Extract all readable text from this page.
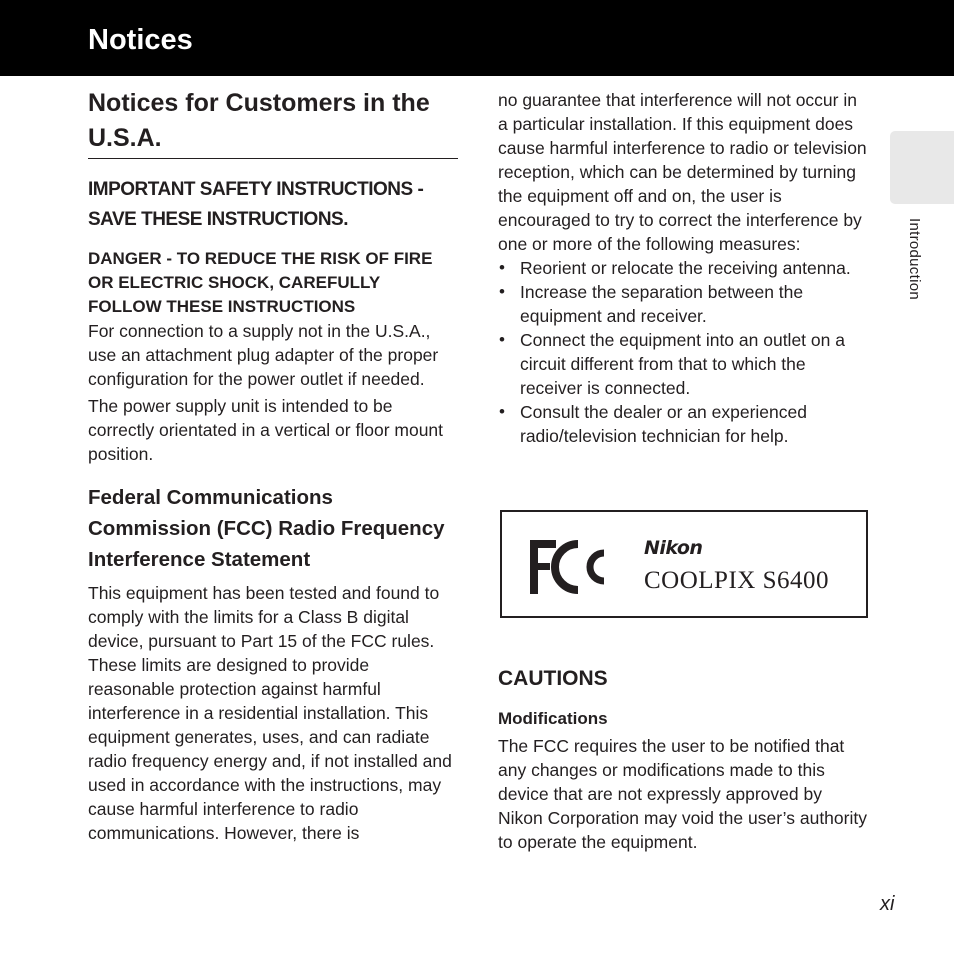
Notices
Introduction
Notices for Customers in the U.S.A.
IMPORTANT SAFETY INSTRUCTIONS - SAVE THESE INSTRUCTIONS.

DANGER - TO REDUCE THE RISK OF FIRE OR ELECTRIC SHOCK, CAREFULLY FOLLOW THESE INSTRUCTIONS

For connection to a supply not in the U.S.A., use an attachment plug adapter of the proper configuration for the power outlet if needed.

The power supply unit is intended to be correctly orientated in a vertical or floor mount position.

Federal Communications Commission (FCC) Radio Frequency Interference Statement

This equipment has been tested and found to comply with the limits for a Class B digital device, pursuant to Part 15 of the FCC rules. These limits are designed to provide reasonable protection against harmful interference in a residential installation. This equipment generates, uses, and can radiate radio frequency energy and, if not installed and used in accordance with the instructions, may cause harmful interference to radio communications. However, there is

no guarantee that interference will not occur in a particular installation. If this equipment does cause harmful interference to radio or television reception, which can be determined by turning the equipment off and on, the user is encouraged to try to correct the interference by one or more of the following measures:

• Reorient or relocate the receiving antenna.
• Increase the separation between the equipment and receiver.
• Connect the equipment into an outlet on a circuit different from that to which the receiver is connected.
• Consult the dealer or an experienced radio/television technician for help.
Nikon
COOLPIX S6400
CAUTIONS
Modifications

The FCC requires the user to be notified that any changes or modifications made to this device that are not expressly approved by Nikon Corporation may void the user’s authority to operate the equipment.

xi
